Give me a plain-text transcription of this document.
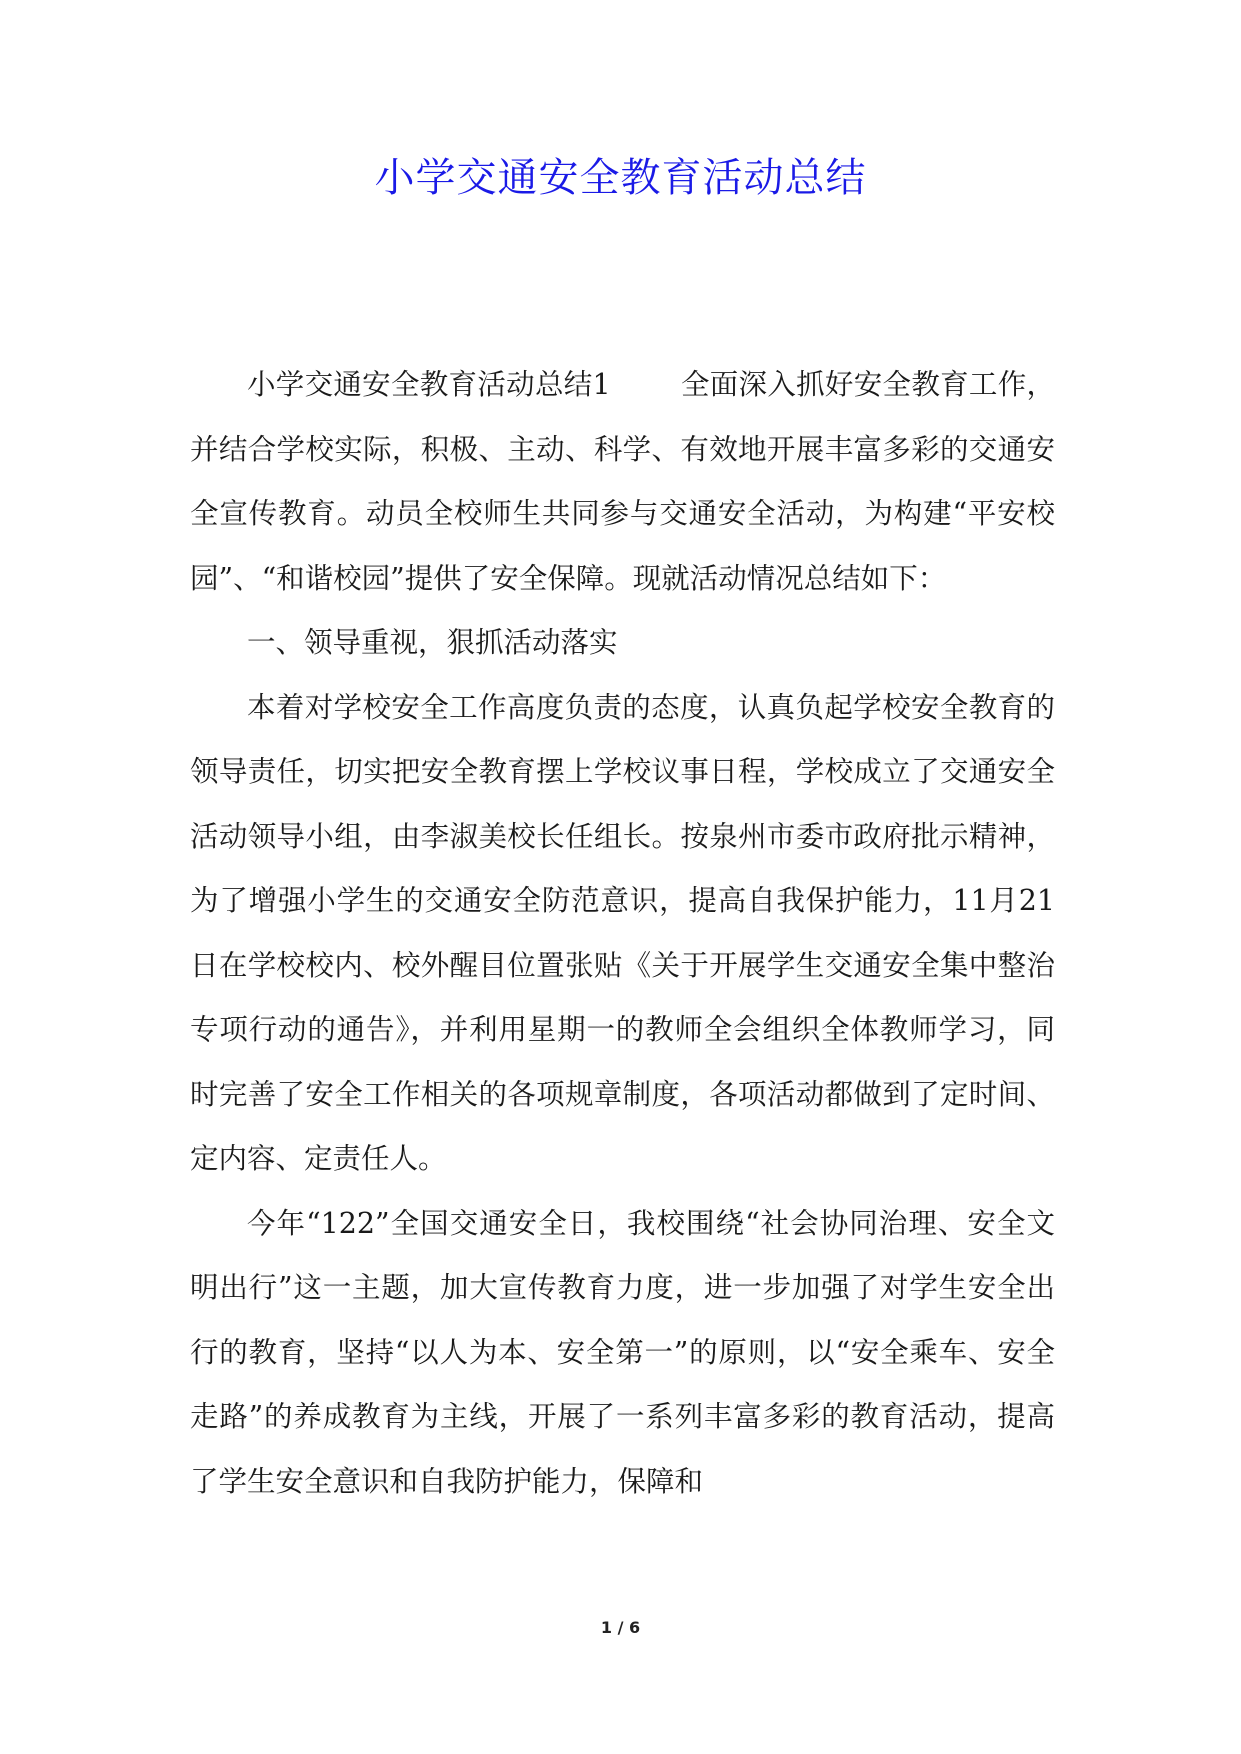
小学交通安全教育活动总结

小学交通安全教育活动总结1 全面深入抓好安全教育工作，并结合学校实际，积极、主动、科学、有效地开展丰富多彩的交通安全宣传教育。动员全校师生共同参与交通安全活动，为构建“平安校园”、“和谐校园”提供了安全保障。现就活动情况总结如下：

一、领导重视，狠抓活动落实

本着对学校安全工作高度负责的态度，认真负起学校安全教育的领导责任，切实把安全教育摆上学校议事日程，学校成立了交通安全活动领导小组，由李淑美校长任组长。按泉州市委市政府批示精神，为了增强小学生的交通安全防范意识，提高自我保护能力，11月21日在学校校内、校外醒目位置张贴《关于开展学生交通安全集中整治专项行动的通告》，并利用星期一的教师全会组织全体教师学习，同时完善了安全工作相关的各项规章制度，各项活动都做到了定时间、定内容、定责任人。

今年“122”全国交通安全日，我校围绕“社会协同治理、安全文明出行”这一主题，加大宣传教育力度，进一步加强了对学生安全出行的教育，坚持“以人为本、安全第一”的原则，以“安全乘车、安全走路”的养成教育为主线，开展了一系列丰富多彩的教育活动，提高了学生安全意识和自我防护能力，保障和

1 / 6
